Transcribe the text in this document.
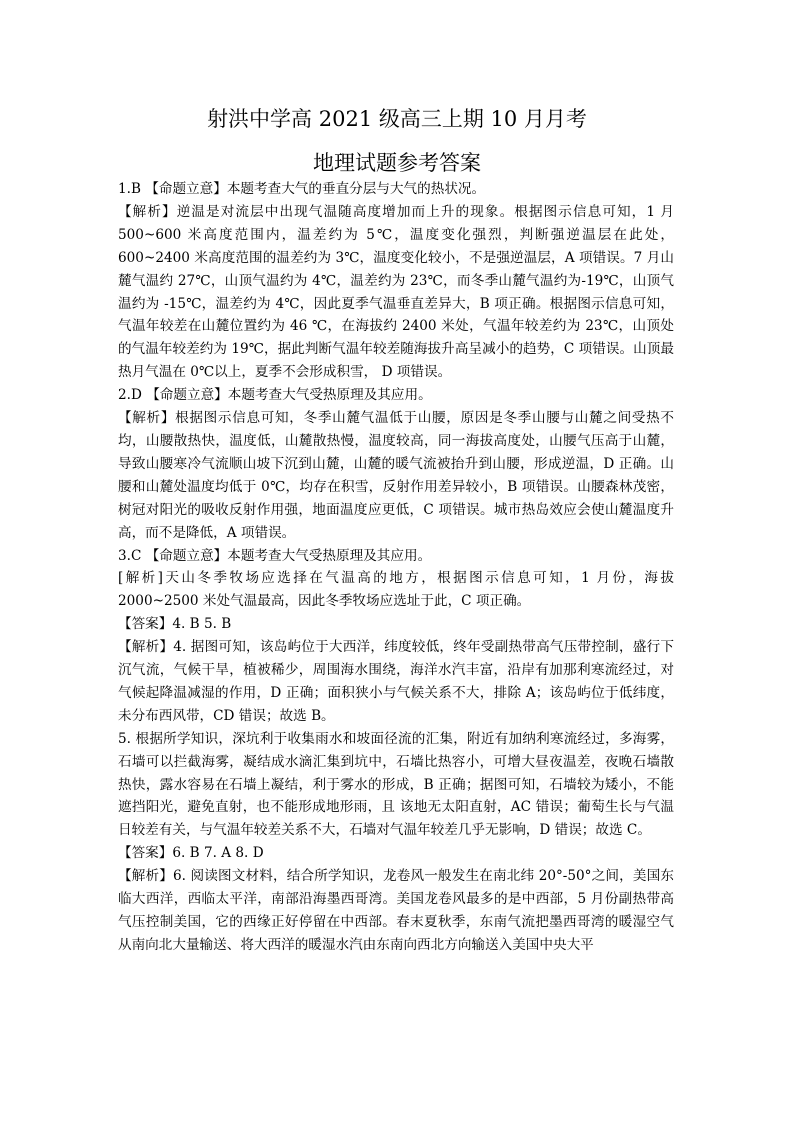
射洪中学高 2021 级高三上期 10 月月考
地理试题参考答案

1.B 【命题立意】本题考查大气的垂直分层与大气的热状况。

【解析】逆温是对流层中出现气温随高度增加而上升的现象。根据图示信息可知，1 月 500~600 米高度范围内，温差约为 5℃，温度变化强烈，判断强逆温层在此处，600~2400 米高度范围的温差约为 3℃，温度变化较小，不是强逆温层，A 项错误。7 月山麓气温约 27℃，山顶气温约为 4℃，温差约为 23℃，而冬季山麓气温约为-19℃，山顶气温约为 -15℃，温差约为 4℃，因此夏季气温垂直差异大，B 项正确。根据图示信息可知，气温年较差在山麓位置约为 46 ℃，在海拔约 2400 米处，气温年较差约为 23℃，山顶处的气温年较差约为 19℃，据此判断气温年较差随海拔升高呈减小的趋势，C 项错误。山顶最热月气温在 0℃以上，夏季不会形成积雪， D 项错误。

2.D 【命题立意】本题考查大气受热原理及其应用。

【解析】根据图示信息可知，冬季山麓气温低于山腰，原因是冬季山腰与山麓之间受热不均，山腰散热快，温度低，山麓散热慢，温度较高，同一海拔高度处，山腰气压高于山麓，导致山腰寒冷气流顺山坡下沉到山麓，山麓的暖气流被抬升到山腰，形成逆温，D 正确。山腰和山麓处温度均低于 0℃，均存在积雪，反射作用差异较小，B 项错误。山腰森林茂密，树冠对阳光的吸收反射作用强，地面温度应更低，C 项错误。城市热岛效应会使山麓温度升高，而不是降低，A 项错误。

3.C 【命题立意】本题考查大气受热原理及其应用。

[解析]天山冬季牧场应选择在气温高的地方，根据图示信息可知，1 月份，海拔 2000~2500 米处气温最高，因此冬季牧场应选址于此，C 项正确。

【答案】4. B 5. B

【解析】4. 据图可知，该岛屿位于大西洋，纬度较低，终年受副热带高气压带控制，盛行下沉气流，气候干旱，植被稀少，周围海水围绕，海洋水汽丰富，沿岸有加那利寒流经过，对气候起降温减湿的作用，D 正确；面积狭小与气候关系不大，排除 A；该岛屿位于低纬度，未分布西风带，CD 错误；故选 B。

5. 根据所学知识，深坑利于收集雨水和坡面径流的汇集，附近有加纳利寒流经过，多海雾，石墙可以拦截海雾，凝结成水滴汇集到坑中，石墙比热容小，可增大昼夜温差，夜晚石墙散热快，露水容易在石墙上凝结，利于雾水的形成，B 正确；据图可知，石墙较为矮小，不能遮挡阳光，避免直射，也不能形成地形雨，且 该地无太阳直射，AC 错误；葡萄生长与气温日较差有关，与气温年较差关系不大，石墙对气温年较差几乎无影响，D 错误；故选 C。

【答案】6. B 7. A 8. D

【解析】6. 阅读图文材料，结合所学知识，龙卷风一般发生在南北纬 20°-50°之间，美国东临大西洋，西临太平洋，南部沿海墨西哥湾。美国龙卷风最多的是中西部，5 月份副热带高气压控制美国，它的西缘正好停留在中西部。春末夏秋季，东南气流把墨西哥湾的暖湿空气从南向北大量输送、将大西洋的暖湿水汽由东南向西北方向输送入美国中央大平
